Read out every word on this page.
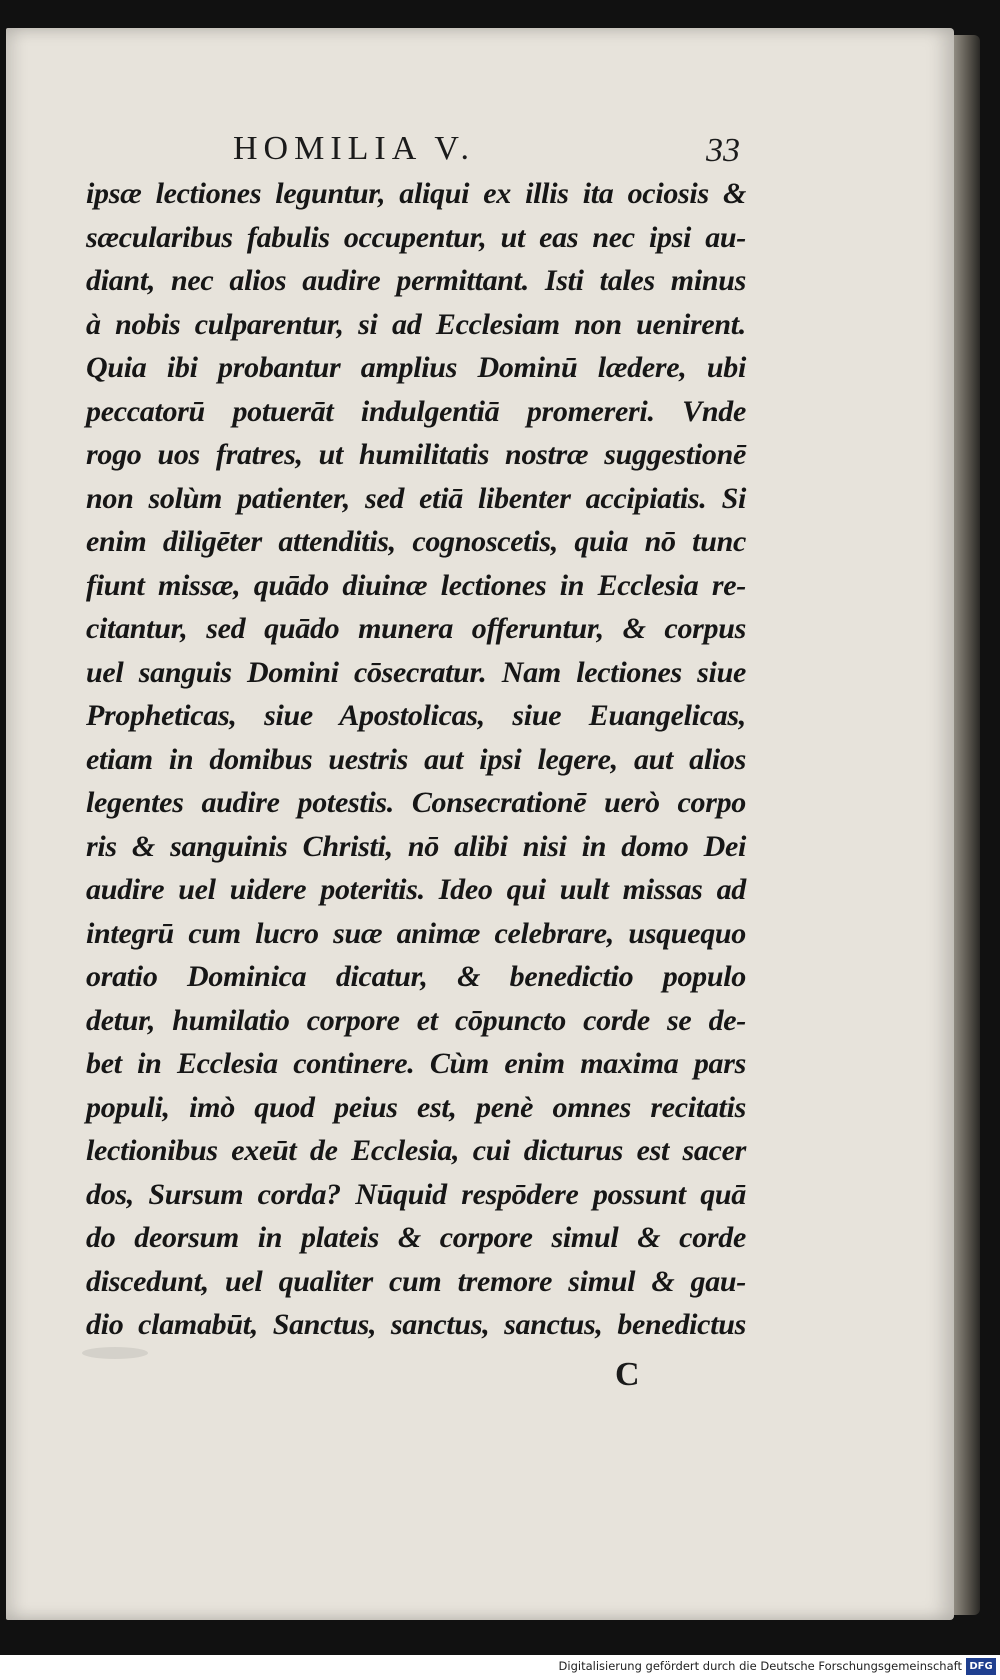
HOMILIA V.	33
ipsæ lectiones leguntur, aliqui ex illis ita ociosis &
sæcularibus fabulis occupentur, ut eas nec ipsi au-
diant, nec alios audire permittant. Isti tales minus
à nobis culparentur, si ad Ecclesiam non uenirent.
Quia ibi probantur amplius Dominū lædere, ubi
peccatorū potuerāt indulgentiā promereri. Vnde
rogo uos fratres, ut humilitatis nostræ suggestionē
non solùm patienter, sed etiā libenter accipiatis. Si
enim diligēter attenditis, cognoscetis, quia nō tunc
fiunt missæ, quādo diuinæ lectiones in Ecclesia re-
citantur, sed quādo munera offeruntur, & corpus
uel sanguis Domini cōsecratur. Nam lectiones siue
Propheticas, siue Apostolicas, siue Euangelicas,
etiam in domibus uestris aut ipsi legere, aut alios
legentes audire potestis. Consecrationē uerò corpo
ris & sanguinis Christi, nō alibi nisi in domo Dei
audire uel uidere poteritis. Ideo qui uult missas ad
integrū cum lucro suæ animæ celebrare, usquequo
oratio Dominica dicatur, & benedictio populo
detur, humilatio corpore et cōpuncto corde se de-
bet in Ecclesia continere. Cùm enim maxima pars
populi, imò quod peius est, penè omnes recitatis
lectionibus exeūt de Ecclesia, cui dicturus est sacer
dos, Sursum corda? Nūquid respōdere possunt quā
do deorsum in plateis & corpore simul & corde
discedunt, uel qualiter cum tremore simul & gau-
dio clamabūt, Sanctus, sanctus, sanctus, benedictus
C
Digitalisierung gefördert durch die Deutsche Forschungsgemeinschaft DFG
